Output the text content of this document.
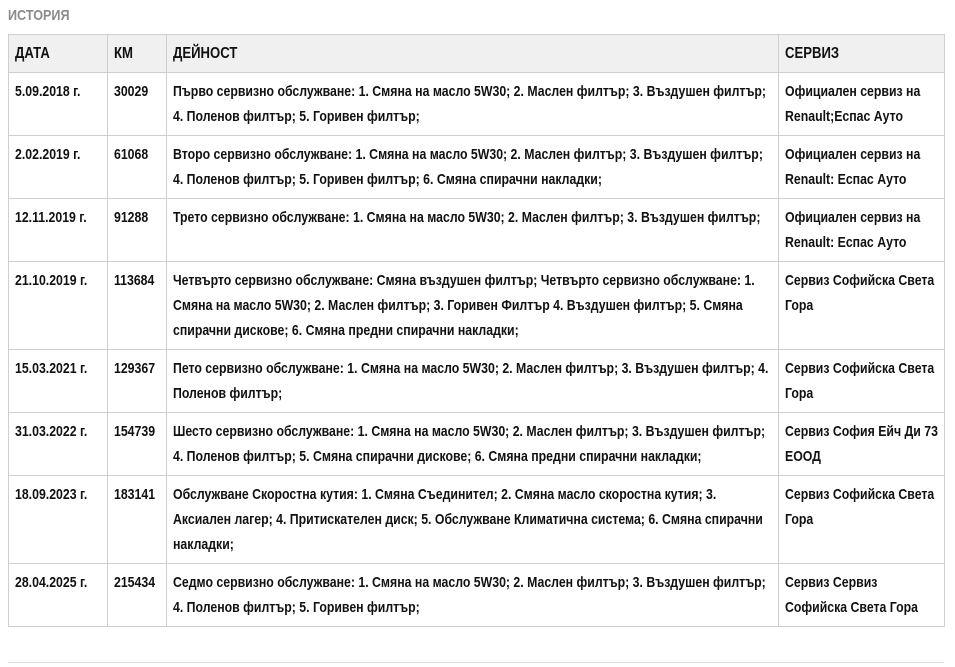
ИСТОРИЯ
ДАТА	КМ	ДЕЙНОСТ	СЕРВИЗ
5.09.2018 г.	30029	Първо сервизно обслужване: 1. Смяна на масло 5W30; 2. Маслен филтър; 3. Въздушен филтър; 4. Поленов филтър; 5. Горивен филтър;	Официален сервиз на Renault;Еспас Ауто

2.02.2019 г.	61068	Второ сервизно обслужване: 1. Смяна на масло 5W30; 2. Маслен филтър; 3. Въздушен филтър; 4. Поленов филтър; 5. Горивен филтър; 6. Смяна спирачни накладки;	Официален сервиз на Renault: Еспас Ауто

12.11.2019 г.	91288	Трето сервизно обслужване: 1. Смяна на масло 5W30; 2. Маслен филтър; 3. Въздушен филтър;	Официален сервиз на Renault: Еспас Ауто

21.10.2019 г.	113684	Четвърто сервизно обслужване: Смяна въздушен филтър; Четвърто сервизно обслужване: 1. Смяна на масло 5W30; 2. Маслен филтър; 3. Горивен Филтър 4. Въздушен филтър; 5. Смяна спирачни дискове; 6. Смяна предни спирачни накладки;	Сервиз Софийска Света Гора

15.03.2021 г.	129367	Пето сервизно обслужване: 1. Смяна на масло 5W30; 2. Маслен филтър; 3. Въздушен филтър; 4. Поленов филтър;	Сервиз Софийска Света Гора

31.03.2022 г.	154739	Шесто сервизно обслужване: 1. Смяна на масло 5W30; 2. Маслен филтър; 3. Въздушен филтър; 4. Поленов филтър; 5. Смяна спирачни дискове; 6. Смяна предни спирачни накладки;	Сервиз София Ейч Ди 73 ЕООД

18.09.2023 г.	183141	Обслужване Скоростна кутия: 1. Смяна Съединител; 2. Смяна масло скоростна кутия; 3. Аксиален лагер; 4. Притискателен диск; 5. Обслужване Климатична система; 6. Смяна спирачни накладки;	Сервиз Софийска Света Гора

28.04.2025 г.	215434	Седмо сервизно обслужване: 1. Смяна на масло 5W30; 2. Маслен филтър; 3. Въздушен филтър; 4. Поленов филтър; 5. Горивен филтър;	Сервиз Сервиз Софийска Света Гора
